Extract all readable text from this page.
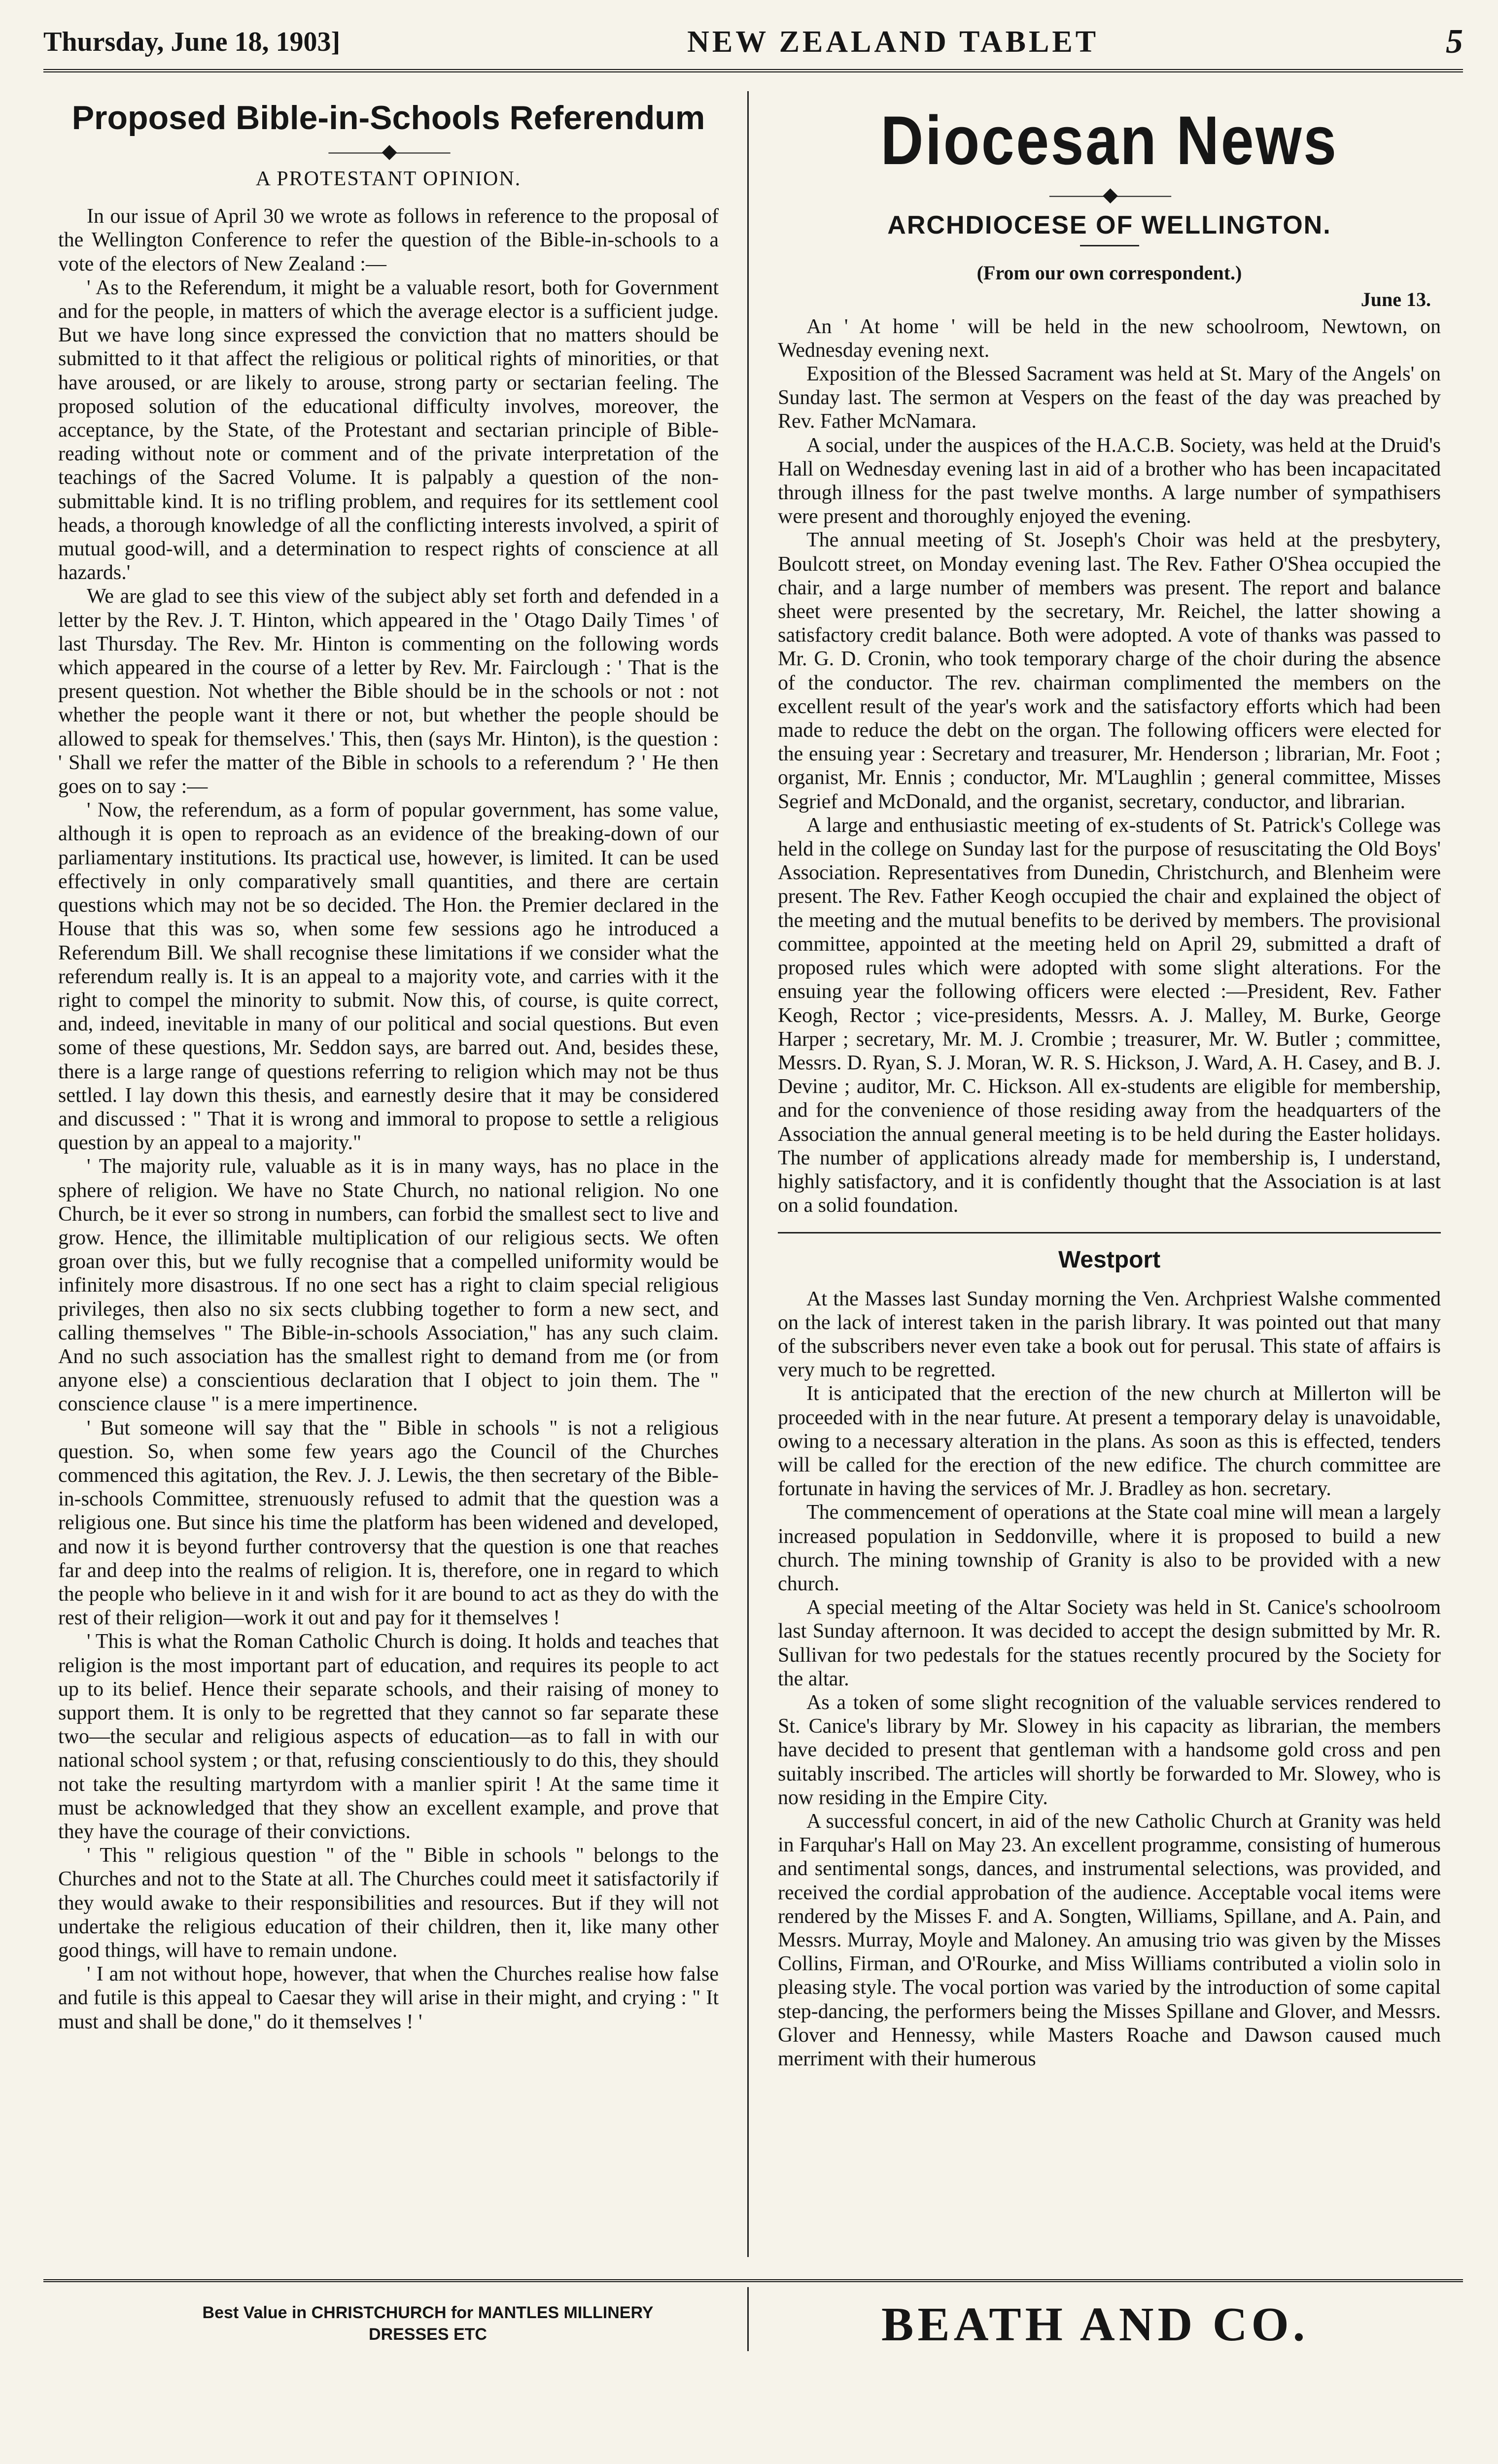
Thursday, June 18, 1903]	NEW ZEALAND TABLET	5
Proposed Bible-in-Schools Referendum
———◆———
A PROTESTANT OPINION.

In our issue of April 30 we wrote as follows in reference to the proposal of the Wellington Conference to refer the question of the Bible-in-schools to a vote of the electors of New Zealand :—

' As to the Referendum, it might be a valuable resort, both for Government and for the people, in matters of which the average elector is a sufficient judge. But we have long since expressed the conviction that no matters should be submitted to it that affect the religious or political rights of minorities, or that have aroused, or are likely to arouse, strong party or sectarian feeling. The proposed solution of the educational difficulty involves, moreover, the acceptance, by the State, of the Protestant and sectarian principle of Bible-reading without note or comment and of the private interpretation of the teachings of the Sacred Volume. It is palpably a question of the non-submittable kind. It is no trifling problem, and requires for its settlement cool heads, a thorough knowledge of all the conflicting interests involved, a spirit of mutual good-will, and a determination to respect rights of conscience at all hazards.'

We are glad to see this view of the subject ably set forth and defended in a letter by the Rev. J. T. Hinton, which appeared in the ' Otago Daily Times ' of last Thursday. The Rev. Mr. Hinton is commenting on the following words which appeared in the course of a letter by Rev. Mr. Fairclough : ' That is the present question. Not whether the Bible should be in the schools or not : not whether the people want it there or not, but whether the people should be allowed to speak for themselves.' This, then (says Mr. Hinton), is the question : ' Shall we refer the matter of the Bible in schools to a referendum ? ' He then goes on to say :—

' Now, the referendum, as a form of popular government, has some value, although it is open to reproach as an evidence of the breaking-down of our parliamentary institutions. Its practical use, however, is limited. It can be used effectively in only comparatively small quantities, and there are certain questions which may not be so decided. The Hon. the Premier declared in the House that this was so, when some few sessions ago he introduced a Referendum Bill. We shall recognise these limitations if we consider what the referendum really is. It is an appeal to a majority vote, and carries with it the right to compel the minority to submit. Now this, of course, is quite correct, and, indeed, inevitable in many of our political and social questions. But even some of these questions, Mr. Seddon says, are barred out. And, besides these, there is a large range of questions referring to religion which may not be thus settled. I lay down this thesis, and earnestly desire that it may be considered and discussed : " That it is wrong and immoral to propose to settle a religious question by an appeal to a majority."

' The majority rule, valuable as it is in many ways, has no place in the sphere of religion. We have no State Church, no national religion. No one Church, be it ever so strong in numbers, can forbid the smallest sect to live and grow. Hence, the illimitable multiplication of our religious sects. We often groan over this, but we fully recognise that a compelled uniformity would be infinitely more disastrous. If no one sect has a right to claim special religious privileges, then also no six sects clubbing together to form a new sect, and calling themselves " The Bible-in-schools Association," has any such claim. And no such association has the smallest right to demand from me (or from anyone else) a conscientious declaration that I object to join them. The " conscience clause " is a mere impertinence.

' But someone will say that the " Bible in schools " is not a religious question. So, when some few years ago the Council of the Churches commenced this agitation, the Rev. J. J. Lewis, the then secretary of the Bible-in-schools Committee, strenuously refused to admit that the question was a religious one. But since his time the platform has been widened and developed, and now it is beyond further controversy that the question is one that reaches far and deep into the realms of religion. It is, therefore, one in regard to which the people who believe in it and wish for it are bound to act as they do with the rest of their religion—work it out and pay for it themselves !

' This is what the Roman Catholic Church is doing. It holds and teaches that religion is the most important part of education, and requires its people to act up to its belief. Hence their separate schools, and their raising of money to support them. It is only to be regretted that they cannot so far separate these two—the secular and religious aspects of education—as to fall in with our national school system ; or that, refusing conscientiously to do this, they should not take the resulting martyrdom with a manlier spirit ! At the same time it must be acknowledged that they show an excellent example, and prove that they have the courage of their convictions.

' This " religious question " of the " Bible in schools " belongs to the Churches and not to the State at all. The Churches could meet it satisfactorily if they would awake to their responsibilities and resources. But if they will not undertake the religious education of their children, then it, like many other good things, will have to remain undone.

' I am not without hope, however, that when the Churches realise how false and futile is this appeal to Caesar they will arise in their might, and crying : " It must and shall be done," do it themselves ! '

Diocesan News
———◆———
ARCHDIOCESE OF WELLINGTON.
(From our own correspondent.)
June 13.

An ' At home ' will be held in the new schoolroom, Newtown, on Wednesday evening next.

Exposition of the Blessed Sacrament was held at St. Mary of the Angels' on Sunday last. The sermon at Vespers on the feast of the day was preached by Rev. Father McNamara.

A social, under the auspices of the H.A.C.B. Society, was held at the Druid's Hall on Wednesday evening last in aid of a brother who has been incapacitated through illness for the past twelve months. A large number of sympathisers were present and thoroughly enjoyed the evening.

The annual meeting of St. Joseph's Choir was held at the presbytery, Boulcott street, on Monday evening last. The Rev. Father O'Shea occupied the chair, and a large number of members was present. The report and balance sheet were presented by the secretary, Mr. Reichel, the latter showing a satisfactory credit balance. Both were adopted. A vote of thanks was passed to Mr. G. D. Cronin, who took temporary charge of the choir during the absence of the conductor. The rev. chairman complimented the members on the excellent result of the year's work and the satisfactory efforts which had been made to reduce the debt on the organ. The following officers were elected for the ensuing year : Secretary and treasurer, Mr. Henderson ; librarian, Mr. Foot ; organist, Mr. Ennis ; conductor, Mr. M'Laughlin ; general committee, Misses Segrief and McDonald, and the organist, secretary, conductor, and librarian.

A large and enthusiastic meeting of ex-students of St. Patrick's College was held in the college on Sunday last for the purpose of resuscitating the Old Boys' Association. Representatives from Dunedin, Christchurch, and Blenheim were present. The Rev. Father Keogh occupied the chair and explained the object of the meeting and the mutual benefits to be derived by members. The provisional committee, appointed at the meeting held on April 29, submitted a draft of proposed rules which were adopted with some slight alterations. For the ensuing year the following officers were elected :—President, Rev. Father Keogh, Rector ; vice-presidents, Messrs. A. J. Malley, M. Burke, George Harper ; secretary, Mr. M. J. Crombie ; treasurer, Mr. W. Butler ; committee, Messrs. D. Ryan, S. J. Moran, W. R. S. Hickson, J. Ward, A. H. Casey, and B. J. Devine ; auditor, Mr. C. Hickson. All ex-students are eligible for membership, and for the convenience of those residing away from the headquarters of the Association the annual general meeting is to be held during the Easter holidays. The number of applications already made for membership is, I understand, highly satisfactory, and it is confidently thought that the Association is at last on a solid foundation.

Westport

At the Masses last Sunday morning the Ven. Archpriest Walshe commented on the lack of interest taken in the parish library. It was pointed out that many of the subscribers never even take a book out for perusal. This state of affairs is very much to be regretted.

It is anticipated that the erection of the new church at Millerton will be proceeded with in the near future. At present a temporary delay is unavoidable, owing to a necessary alteration in the plans. As soon as this is effected, tenders will be called for the erection of the new edifice. The church committee are fortunate in having the services of Mr. J. Bradley as hon. secretary.

The commencement of operations at the State coal mine will mean a largely increased population in Seddonville, where it is proposed to build a new church. The mining township of Granity is also to be provided with a new church.

A special meeting of the Altar Society was held in St. Canice's schoolroom last Sunday afternoon. It was decided to accept the design submitted by Mr. R. Sullivan for two pedestals for the statues recently procured by the Society for the altar.

As a token of some slight recognition of the valuable services rendered to St. Canice's library by Mr. Slowey in his capacity as librarian, the members have decided to present that gentleman with a handsome gold cross and pen suitably inscribed. The articles will shortly be forwarded to Mr. Slowey, who is now residing in the Empire City.

A successful concert, in aid of the new Catholic Church at Granity was held in Farquhar's Hall on May 23. An excellent programme, consisting of humerous and sentimental songs, dances, and instrumental selections, was provided, and received the cordial approbation of the audience. Acceptable vocal items were rendered by the Misses F. and A. Songten, Williams, Spillane, and A. Pain, and Messrs. Murray, Moyle and Maloney. An amusing trio was given by the Misses Collins, Firman, and O'Rourke, and Miss Williams contributed a violin solo in pleasing style. The vocal portion was varied by the introduction of some capital step-dancing, the performers being the Misses Spillane and Glover, and Messrs. Glover and Hennessy, while Masters Roache and Dawson caused much merriment with their humerous

Best Value in CHRISTCHURCH for MANTLES MILLINERY
DRESSES ETC	BEATH AND CO.
